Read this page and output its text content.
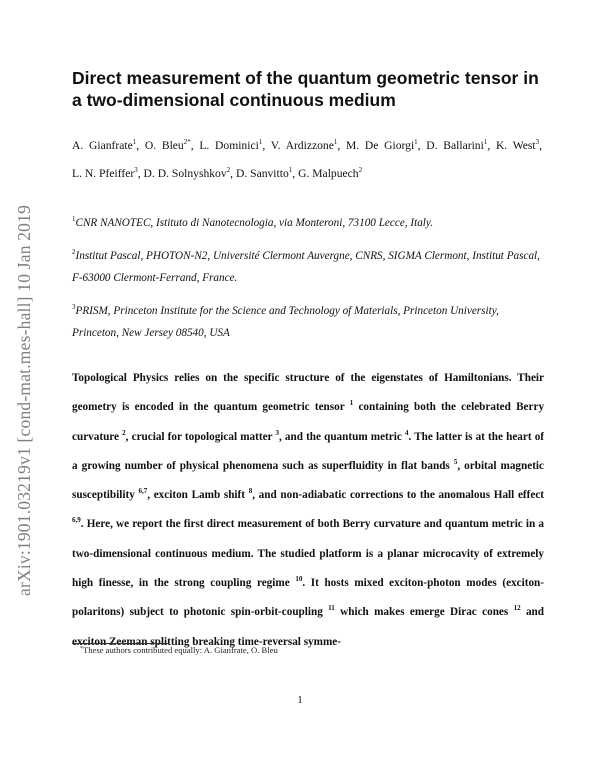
arXiv:1901.03219v1 [cond-mat.mes-hall] 10 Jan 2019
Direct measurement of the quantum geometric tensor in a two-dimensional continuous medium
A. Gianfrate$^1$, O. Bleu$^{2*}$, L. Dominici$^1$, V. Ardizzone$^1$, M. De Giorgi$^1$, D. Ballarini$^1$, K. West$^3$, L. N. Pfeiffer$^3$, D. D. Solnyshkov$^2$, D. Sanvitto$^1$, G. Malpuech$^2$
$^1$CNR NANOTEC, Istituto di Nanotecnologia, via Monteroni, 73100 Lecce, Italy.
$^2$Institut Pascal, PHOTON-N2, Université Clermont Auvergne, CNRS, SIGMA Clermont, Institut Pascal, F-63000 Clermont-Ferrand, France.
$^3$PRISM, Princeton Institute for the Science and Technology of Materials, Princeton University, Princeton, New Jersey 08540, USA
Topological Physics relies on the specific structure of the eigenstates of Hamiltonians. Their geometry is encoded in the quantum geometric tensor $^1$ containing both the celebrated Berry curvature $^2$, crucial for topological matter $^3$, and the quantum metric $^4$. The latter is at the heart of a growing number of physical phenomena such as superfluidity in flat bands $^5$, orbital magnetic susceptibility $^{6,7}$, exciton Lamb shift $^8$, and non-adiabatic corrections to the anomalous Hall effect $^{6,9}$. Here, we report the first direct measurement of both Berry curvature and quantum metric in a two-dimensional continuous medium. The studied platform is a planar microcavity of extremely high finesse, in the strong coupling regime $^{10}$. It hosts mixed exciton-photon modes (exciton-polaritons) subject to photonic spin-orbit-coupling $^{11}$ which makes emerge Dirac cones $^{12}$ and exciton Zeeman splitting breaking time-reversal symme-
*These authors contributed equally: A. Gianfrate, O. Bleu
1
